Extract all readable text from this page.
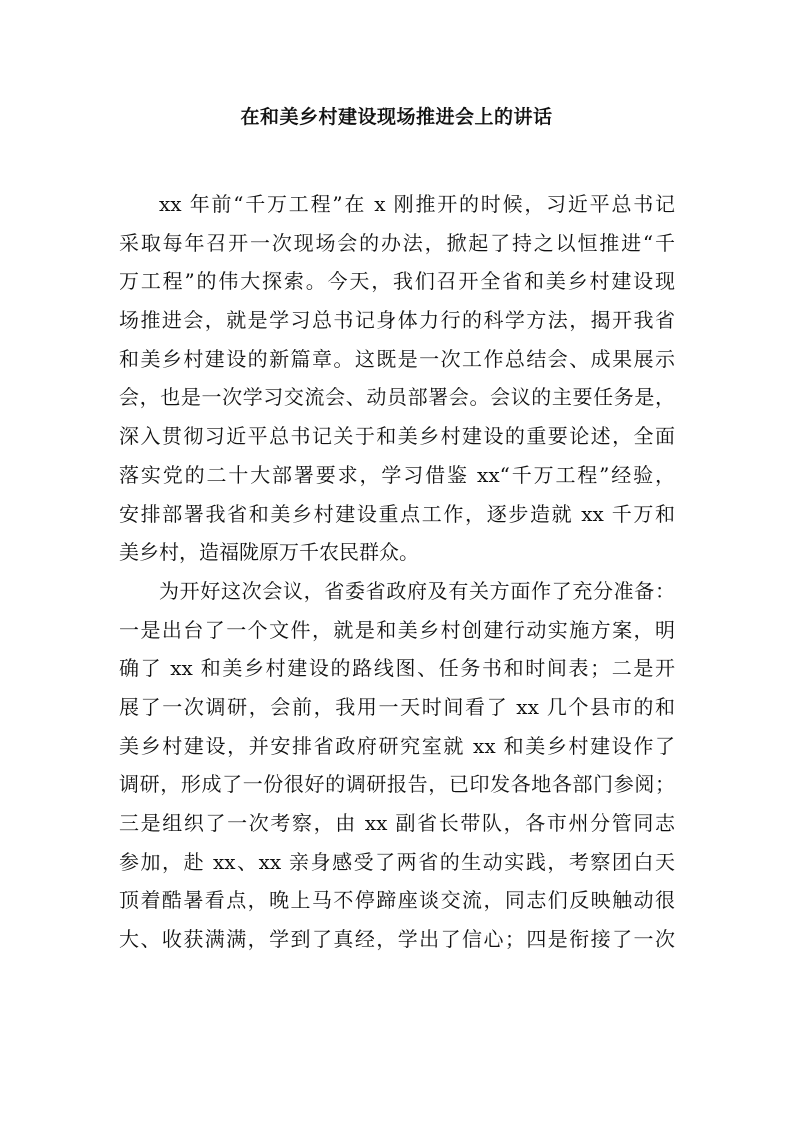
在和美乡村建设现场推进会上的讲话
xx 年前“千万工程”在 x 刚推开的时候，习近平总书记
采取每年召开一次现场会的办法，掀起了持之以恒推进“千
万工程”的伟大探索。今天，我们召开全省和美乡村建设现
场推进会，就是学习总书记身体力行的科学方法，揭开我省
和美乡村建设的新篇章。这既是一次工作总结会、成果展示
会，也是一次学习交流会、动员部署会。会议的主要任务是，
深入贯彻习近平总书记关于和美乡村建设的重要论述，全面
落实党的二十大部署要求，学习借鉴 xx“千万工程”经验，
安排部署我省和美乡村建设重点工作，逐步造就 xx 千万和
美乡村，造福陇原万千农民群众。
为开好这次会议，省委省政府及有关方面作了充分准备：
一是出台了一个文件，就是和美乡村创建行动实施方案，明
确了 xx 和美乡村建设的路线图、任务书和时间表；二是开
展了一次调研，会前，我用一天时间看了 xx 几个县市的和
美乡村建设，并安排省政府研究室就 xx 和美乡村建设作了
调研，形成了一份很好的调研报告，已印发各地各部门参阅；
三是组织了一次考察，由 xx 副省长带队，各市州分管同志
参加，赴 xx、xx 亲身感受了两省的生动实践，考察团白天
顶着酷暑看点，晚上马不停蹄座谈交流，同志们反映触动很
大、收获满满，学到了真经，学出了信心；四是衔接了一次
